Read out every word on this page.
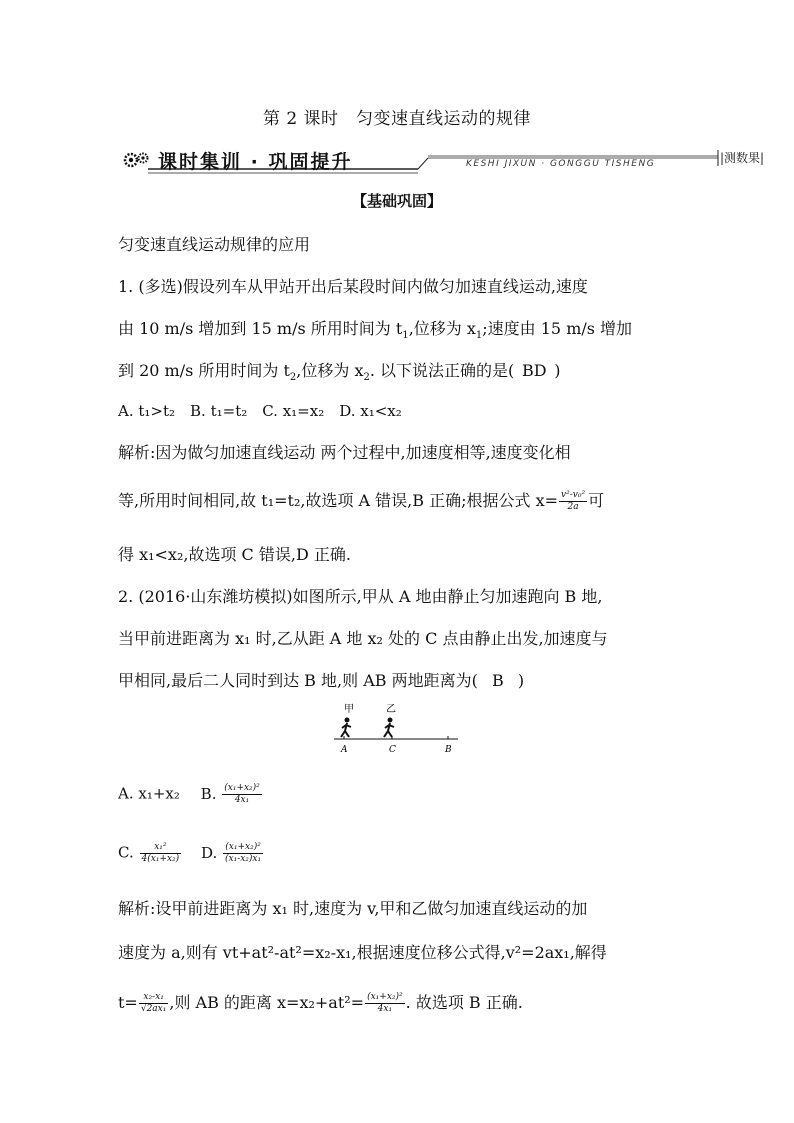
第 2 课时　匀变速直线运动的规律
课时集训 · 巩固提升	KESHI JIXUN · GONGGU TISHENG	|测数果|
【基础巩固】
匀变速直线运动规律的应用
1. (多选)假设列车从甲站开出后某段时间内做匀加速直线运动,速度
由 10 m/s 增加到 15 m/s 所用时间为 $t_1$,位移为 $x_1$;速度由 15 m/s 增加
到 20 m/s 所用时间为 $t_2$,位移为 $x_2$. 以下说法正确的是( BD )
A. t₁>t₂　B. t₁=t₂　C. x₁=x₂　D. x₁<x₂
解析:因为做匀加速直线运动 两个过程中,加速度相等,速度变化相
等,所用时间相同,故 t₁=t₂,故选项 A 错误,B 正确;根据公式 $x= \frac{\text{v²-v₀²}}{2a}$ 可
得 x₁<x₂,故选项 C 错误,D 正确.
2. (2016·山东潍坊模拟)如图所示,甲从 A 地由静止匀加速跑向 B 地,
当甲前进距离为 x₁ 时,乙从距 A 地 x₂ 处的 C 点由静止出发,加速度与
甲相同,最后二人同时到达 B 地,则 AB 两地距离为( B )
甲	乙
A	C	B
A. x₁+x₂ B. $\frac{\text{(x₁+x₂)²}}{\text{4x₁}}$
C. $\frac{\text{x₁²}}{\text{4(x₁+x₂)}} D$. $\frac{\text{(x₁+x₂)²}}{\text{(x₁-x₂)x₁}}$
解析:设甲前进距离为 x₁ 时,速度为 v,甲和乙做匀加速直线运动的加
速度为 a,则有 vt+at²-at²=x₂-x₁,根据速度位移公式得,v²=2ax₁,解得
$t= \frac{\text{x₂-x₁}}{\text{√2ax₁}}$ ,则 AB 的距离 $x=x_2+at^2= \frac{\text{(x₁+x₂)²}}{\text{4x₁}}$ . 故选项 B 正确.
